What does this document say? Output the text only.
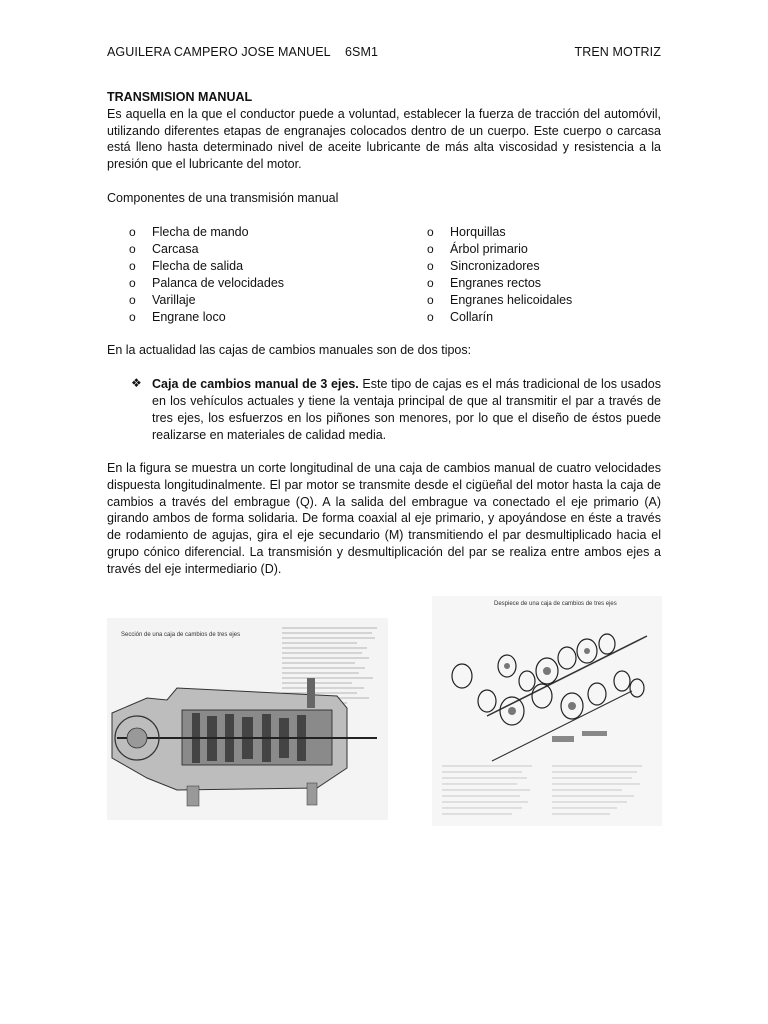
AGUILERA CAMPERO JOSE MANUEL 6SM1	TREN MOTRIZ
TRANSMISION MANUAL
Es aquella en la que el conductor puede a voluntad, establecer la fuerza de tracción del automóvil, utilizando diferentes etapas de engranajes colocados dentro de un cuerpo. Este cuerpo o carcasa está lleno hasta determinado nivel de aceite lubricante de más alta viscosidad y resistencia a la presión que el lubricante del motor.
Componentes de una transmisión manual
o Flecha de mando
o Carcasa
o Flecha de salida
o Palanca de velocidades
o Varillaje
o Engrane loco
o Horquillas
o Árbol primario
o Sincronizadores
o Engranes rectos
o Engranes helicoidales
o Collarín
En la actualidad las cajas de cambios manuales son de dos tipos:
❖ Caja de cambios manual de 3 ejes. Este tipo de cajas es el más tradicional de los usados en los vehículos actuales y tiene la ventaja principal de que al transmitir el par a través de tres ejes, los esfuerzos en los piñones son menores, por lo que el diseño de éstos puede realizarse en materiales de calidad media.
En la figura se muestra un corte longitudinal de una caja de cambios manual de cuatro velocidades dispuesta longitudinalmente. El par motor se transmite desde el cigüeñal del motor hasta la caja de cambios a través del embrague (Q). A la salida del embrague va conectado el eje primario (A) girando ambos de forma solidaria. De forma coaxial al eje primario, y apoyándose en éste a través de rodamiento de agujas, gira el eje secundario (M) transmitiendo el par desmultiplicado hacia el grupo cónico diferencial. La transmisión y desmultiplicación del par se realiza entre ambos ejes a través del eje intermediario (D).
Sección de una caja de cambios de tres ejes
Despiece de una caja de cambios de tres ejes
